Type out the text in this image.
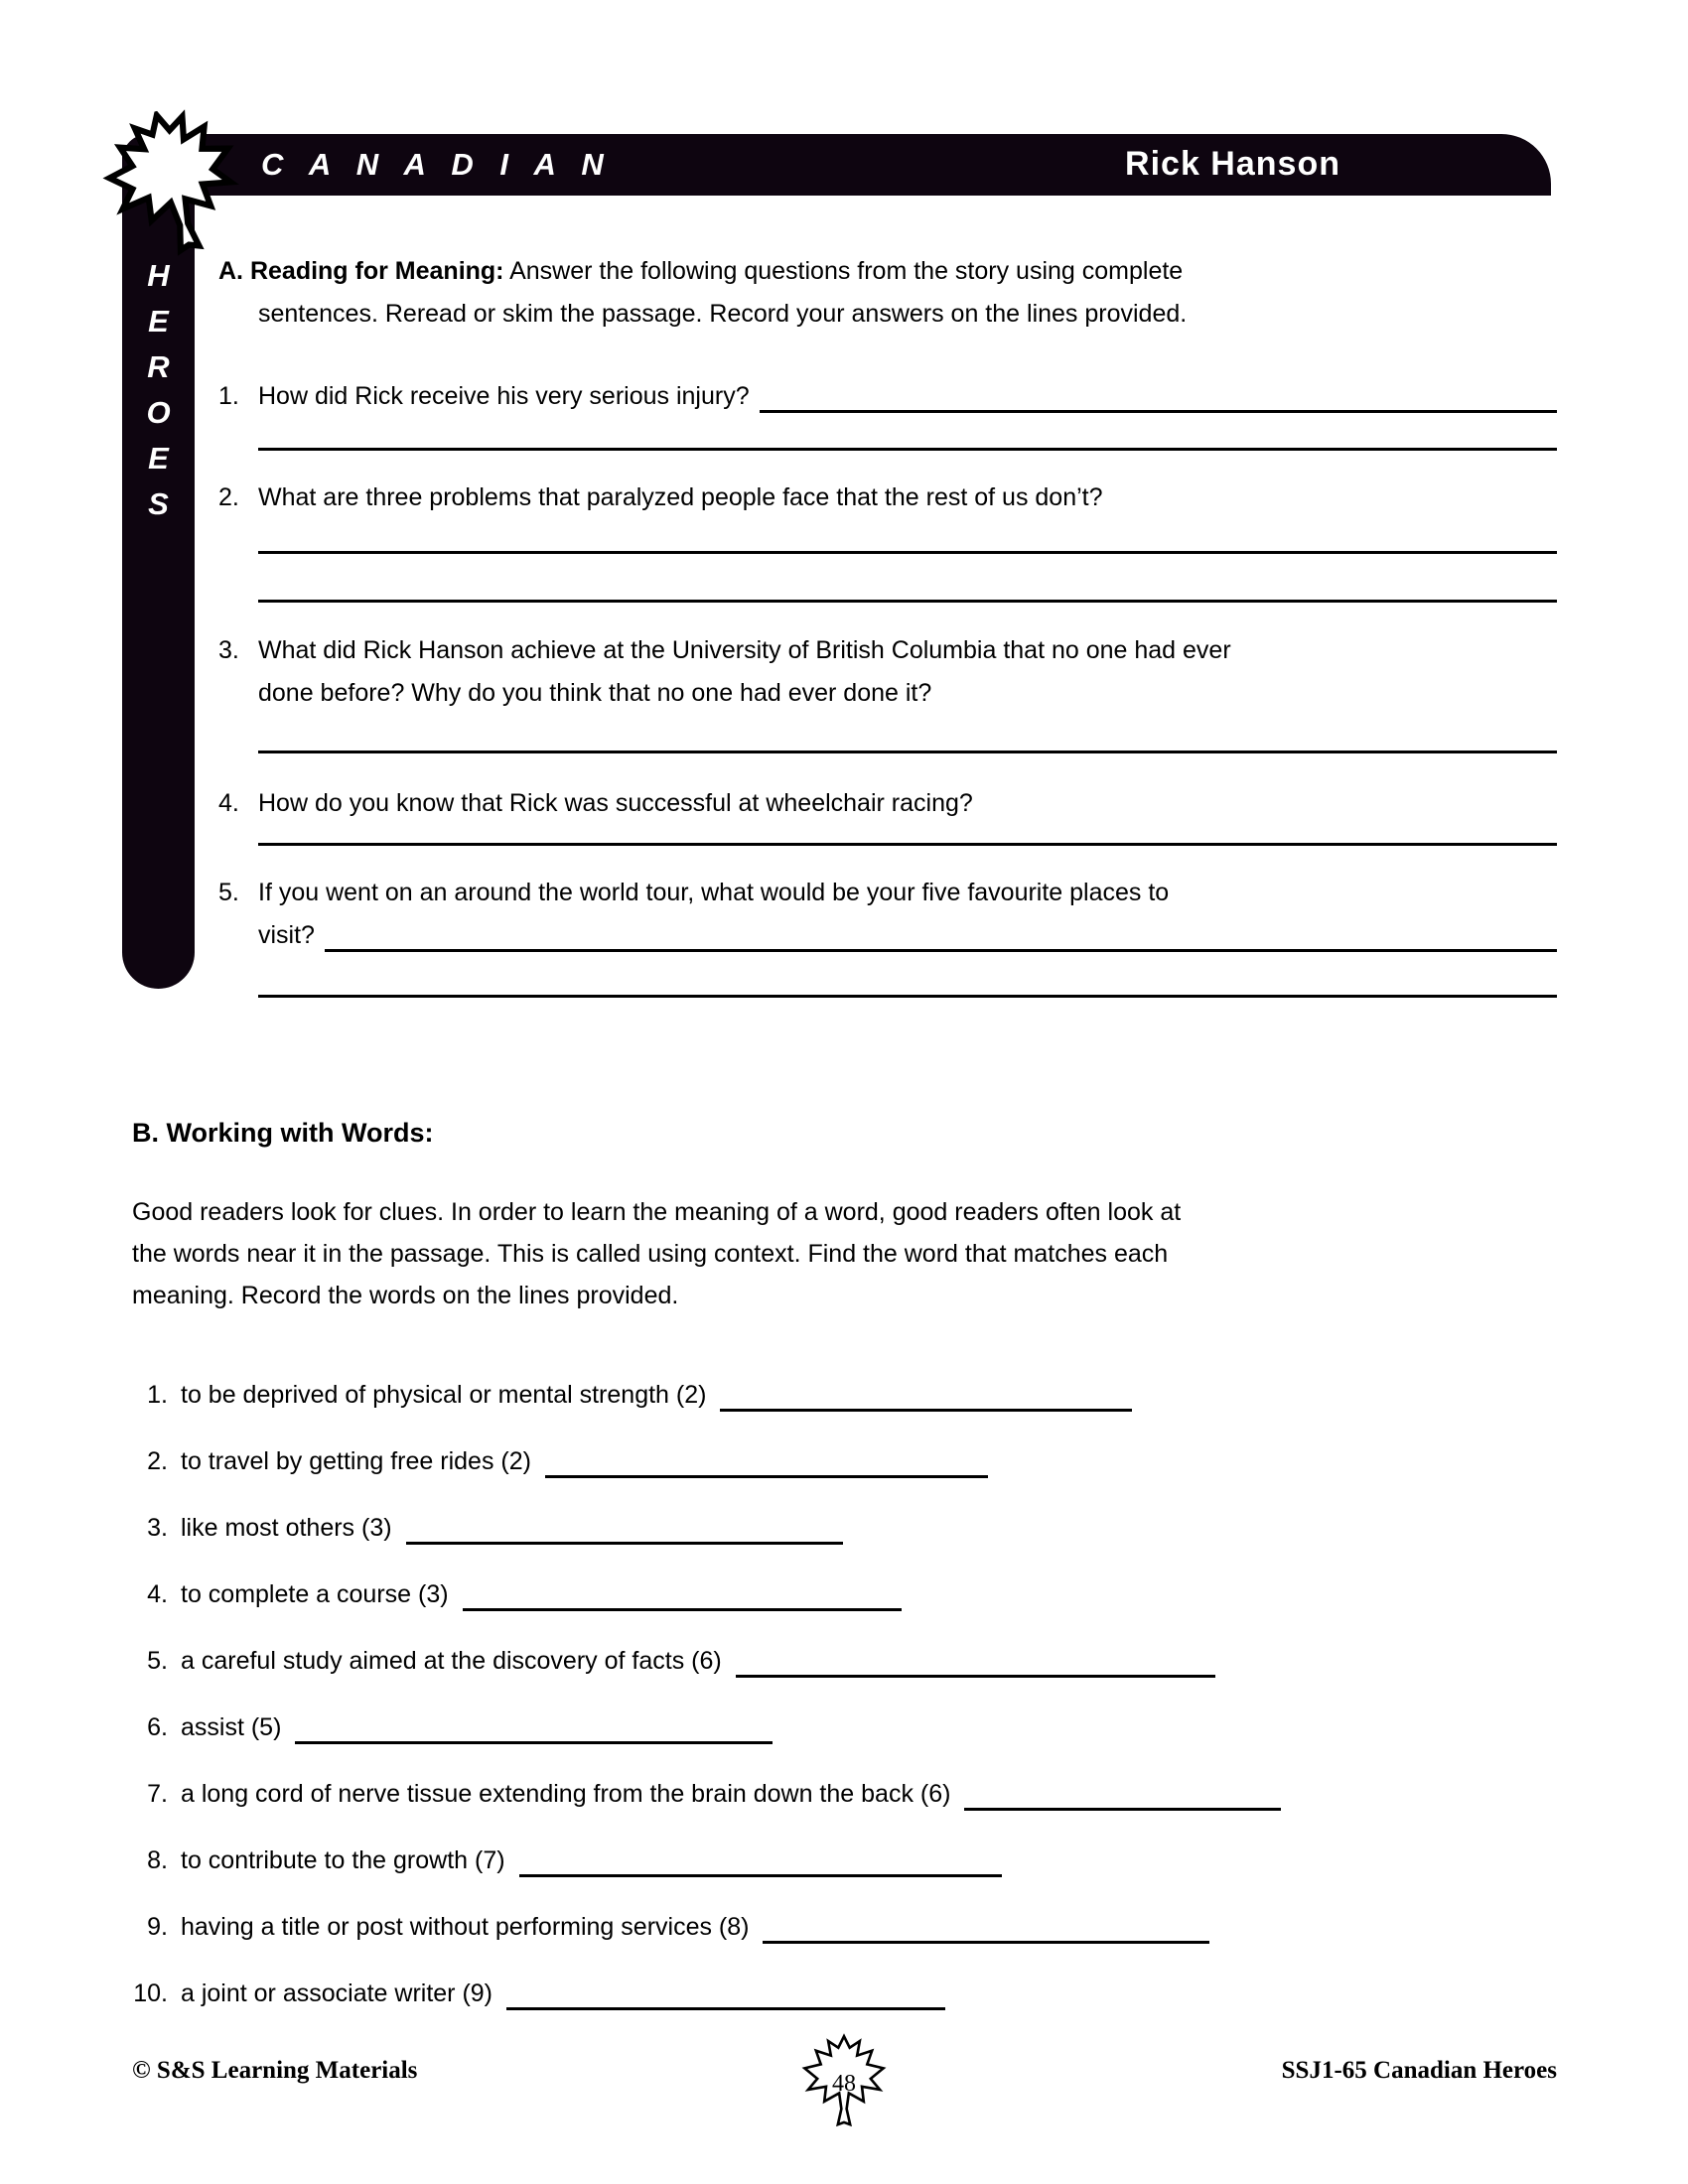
C A N A D I A N	Rick Hanson
H
E
R
O
E
S

A. Reading for Meaning: Answer the following questions from the story using complete
sentences. Reread or skim the passage. Record your answers on the lines provided.

1. How did Rick receive his very serious injury?
2. What are three problems that paralyzed people face that the rest of us don’t?
3. What did Rick Hanson achieve at the University of British Columbia that no one had ever
done before? Why do you think that no one had ever done it?
4. How do you know that Rick was successful at wheelchair racing?
5. If you went on an around the world tour, what would be your five favourite places to
visit?
B. Working with Words:

Good readers look for clues. In order to learn the meaning of a word, good readers often look at
the words near it in the passage. This is called using context. Find the word that matches each
meaning. Record the words on the lines provided.

1. to be deprived of physical or mental strength (2)
2. to travel by getting free rides (2)
3. like most others (3)
4. to complete a course (3)
5. a careful study aimed at the discovery of facts (6)
6. assist (5)
7. a long cord of nerve tissue extending from the brain down the back (6)
8. to contribute to the growth (7)
9. having a title or post without performing services (8)
10. a joint or associate writer (9)
© S&S Learning Materials	48	SSJ1-65 Canadian Heroes
